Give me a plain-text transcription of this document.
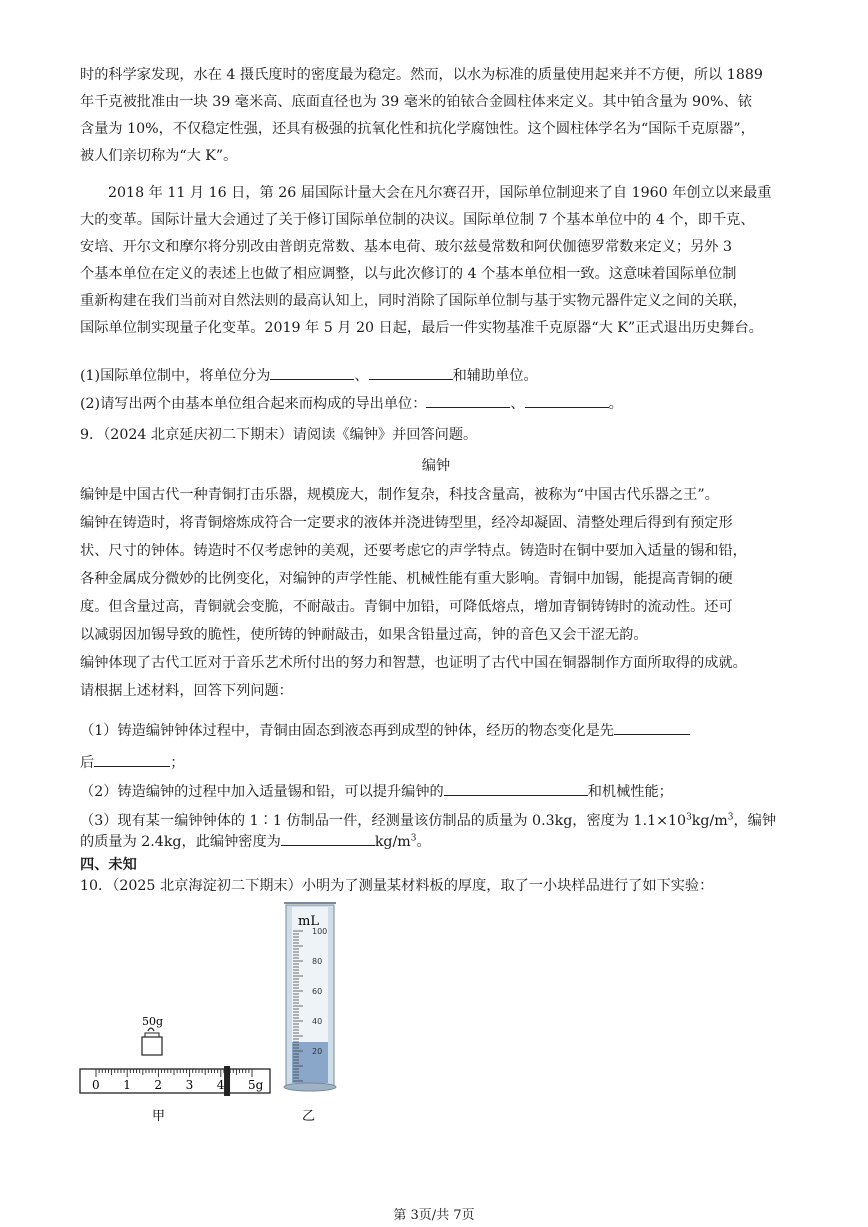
时的科学家发现，水在 4 摄氏度时的密度最为稳定。然而，以水为标准的质量使用起来并不方便，所以 1889

年千克被批准由一块 39 毫米高、底面直径也为 39 毫米的铂铱合金圆柱体来定义。其中铂含量为 90%、铱

含量为 10%，不仅稳定性强，还具有极强的抗氧化性和抗化学腐蚀性。这个圆柱体学名为“国际千克原器”，

被人们亲切称为“大 K”。

2018 年 11 月 16 日，第 26 届国际计量大会在凡尔赛召开，国际单位制迎来了自 1960 年创立以来最重

大的变革。国际计量大会通过了关于修订国际单位制的决议。国际单位制 7 个基本单位中的 4 个，即千克、

安培、开尔文和摩尔将分别改由普朗克常数、基本电荷、玻尔兹曼常数和阿伏伽德罗常数来定义；另外 3

个基本单位在定义的表述上也做了相应调整，以与此次修订的 4 个基本单位相一致。这意味着国际单位制

重新构建在我们当前对自然法则的最高认知上，同时消除了国际单位制与基于实物元器件定义之间的关联，

国际单位制实现量子化变革。2019 年 5 月 20 日起，最后一件实物基准千克原器“大 K”正式退出历史舞台。

(1)国际单位制中，将单位分为	、	和辅助单位。

(2)请写出两个由基本单位组合起来而构成的导出单位：	、	。

9．（2024 北京延庆初二下期末）请阅读《编钟》并回答问题。

编钟

编钟是中国古代一种青铜打击乐器，规模庞大，制作复杂，科技含量高，被称为“中国古代乐器之王”。

编钟在铸造时，将青铜熔炼成符合一定要求的液体并浇进铸型里，经冷却凝固、清整处理后得到有预定形

状、尺寸的钟体。铸造时不仅考虑钟的美观，还要考虑它的声学特点。铸造时在铜中要加入适量的锡和铅，

各种金属成分微妙的比例变化，对编钟的声学性能、机械性能有重大影响。青铜中加锡，能提高青铜的硬

度。但含量过高，青铜就会变脆，不耐敲击。青铜中加铅，可降低熔点，增加青铜铸铸时的流动性。还可

以减弱因加锡导致的脆性，使所铸的钟耐敲击，如果含铅量过高，钟的音色又会干涩无韵。

编钟体现了古代工匠对于音乐艺术所付出的努力和智慧，也证明了古代中国在铜器制作方面所取得的成就。

请根据上述材料，回答下列问题：

（1）铸造编钟钟体过程中，青铜由固态到液态再到成型的钟体，经历的物态变化是先

后	；

（2）铸造编钟的过程中加入适量锡和铅，可以提升编钟的	和机械性能；

（3）现有某一编钟钟体的 1∶1 仿制品一件，经测量该仿制品的质量为 0.3kg，密度为 $1.1\times 10^3kg/m^3$，编钟

的质量为 2.4kg，此编钟密度为	$kg/m^3$。

四、未知

10．（2025 北京海淀初二下期末）小明为了测量某材料板的厚度，取了一小块样品进行了如下实验：

50g
0 1 2 3 4 5g
甲
100
80
60
40
20
mL
乙
第 3页/共 7页
